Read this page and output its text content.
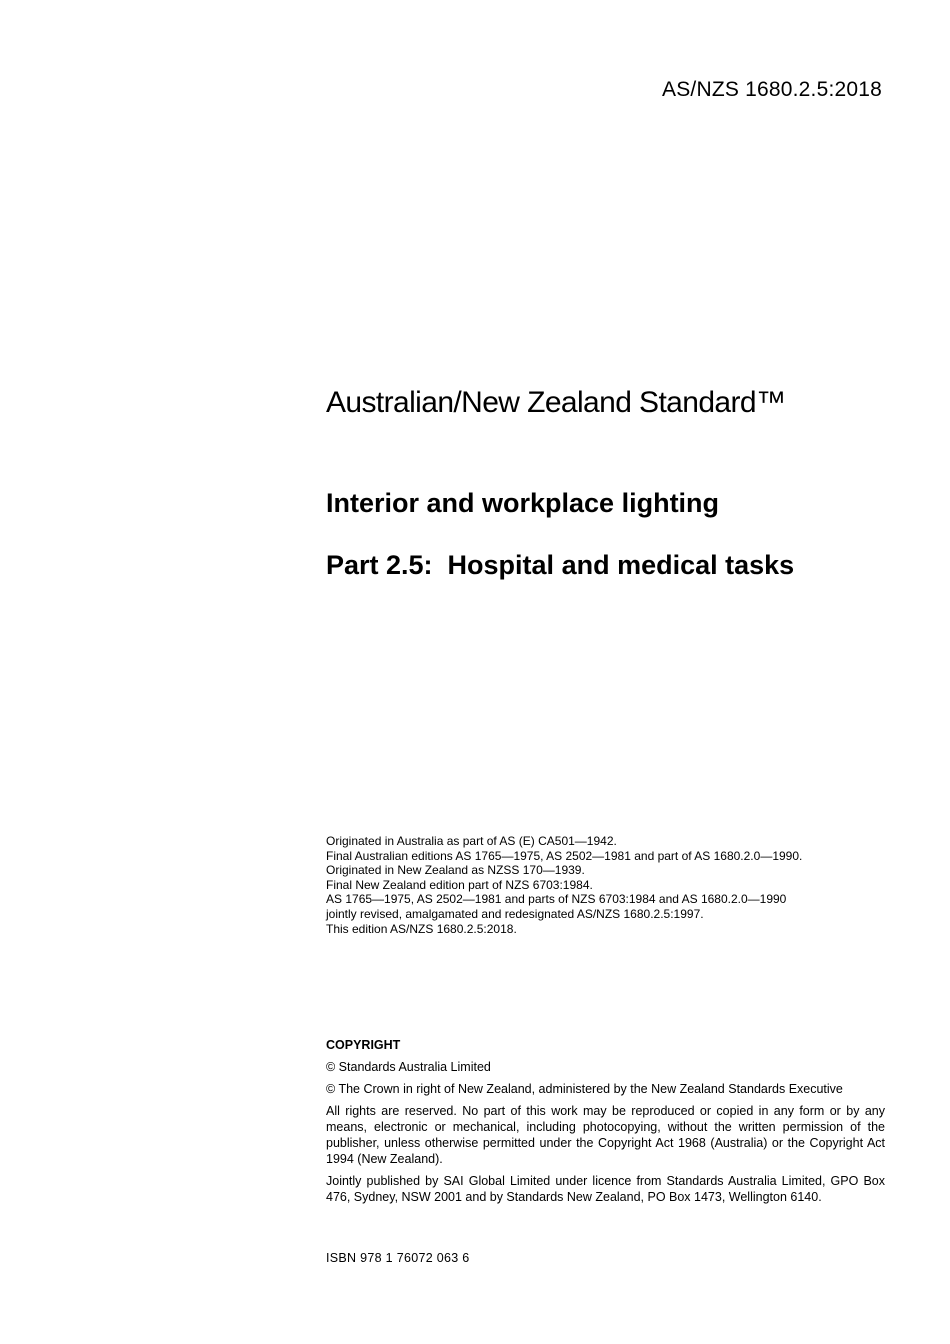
AS/NZS 1680.2.5:2018
Australian/New Zealand Standard™
Interior and workplace lighting
Part 2.5:  Hospital and medical tasks
Originated in Australia as part of AS (E) CA501—1942.
Final Australian editions AS 1765—1975, AS 2502—1981 and part of AS 1680.2.0—1990.
Originated in New Zealand as NZSS 170—1939.
Final New Zealand edition part of NZS 6703:1984.
AS 1765—1975, AS 2502—1981 and parts of NZS 6703:1984 and AS 1680.2.0—1990
jointly revised, amalgamated and redesignated AS/NZS 1680.2.5:1997.
This edition AS/NZS 1680.2.5:2018.

COPYRIGHT

© Standards Australia Limited

© The Crown in right of New Zealand, administered by the New Zealand Standards Executive

All rights are reserved. No part of this work may be reproduced or copied in any form or by any means, electronic or mechanical, including photocopying, without the written permission of the publisher, unless otherwise permitted under the Copyright Act 1968 (Australia) or the Copyright Act 1994 (New Zealand).

Jointly published by SAI Global Limited under licence from Standards Australia Limited, GPO Box 476, Sydney, NSW 2001 and by Standards New Zealand, PO Box 1473, Wellington 6140.

ISBN 978 1 76072 063 6
